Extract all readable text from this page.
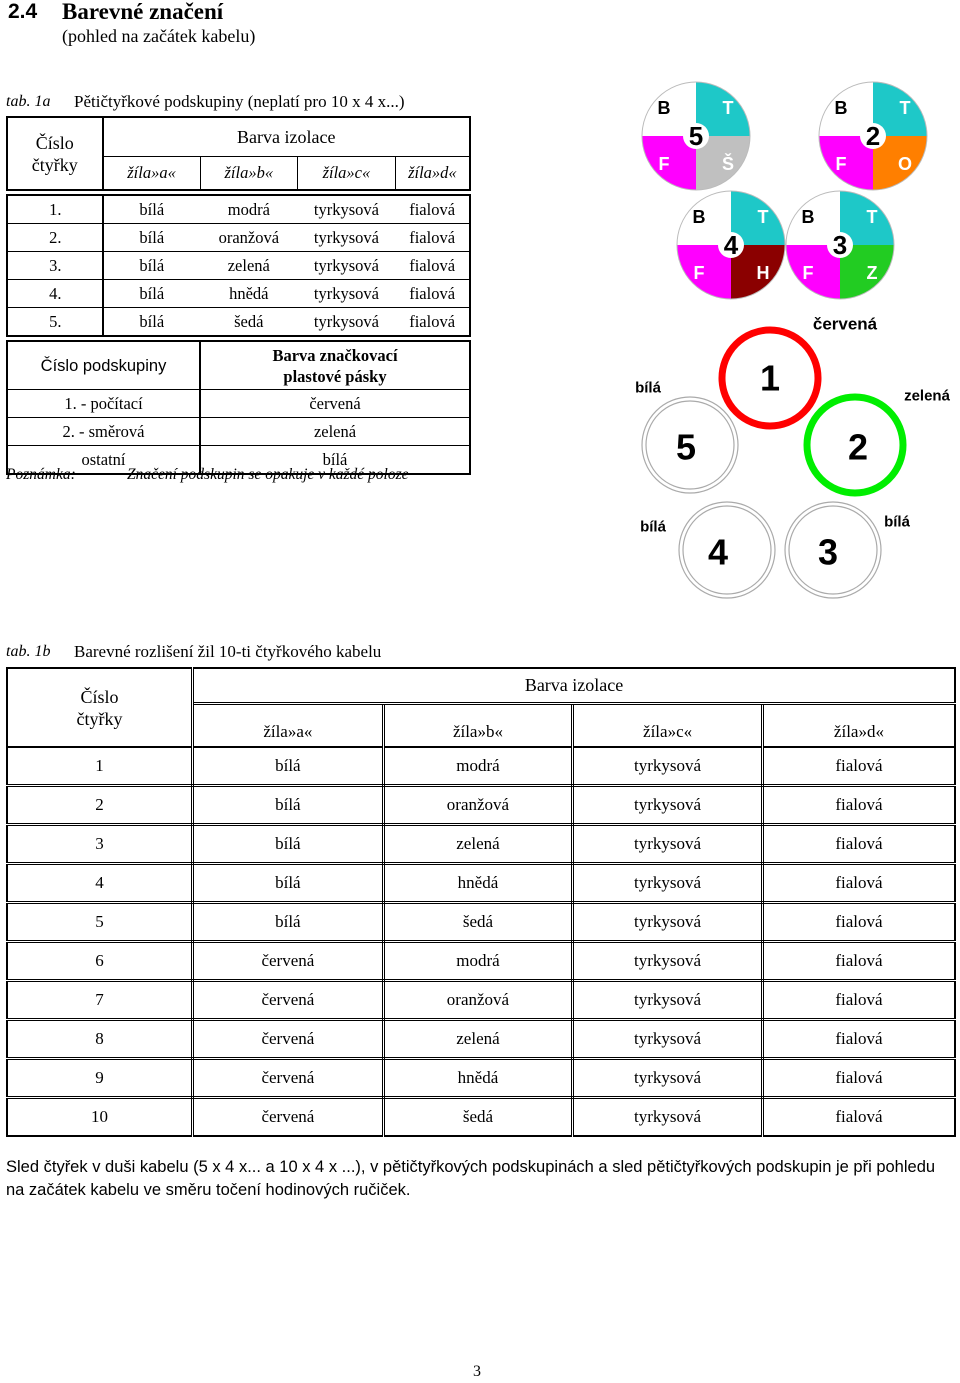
2.4 Barevné značení
(pohled na začátek kabelu)
tab. 1a Pětičtyřkové podskupiny (neplatí pro 10 x 4 x...)
Číslo
čtyřky	Barva izolace			
	žíla»a«	žíla»b«	žíla»c«	žíla»d«

1.	bílá	modrá	tyrkysová	fialová
2.	bílá	oranžová	tyrkysová	fialová
3.	bílá	zelená	tyrkysová	fialová
4.	bílá	hnědá	tyrkysová	fialová
5.	bílá	šedá	tyrkysová	fialová

Číslo podskupiny		Barva značkovací
plastové pásky		
1. - počítací		červená		
2. - směrová		zelená		
ostatní		bílá		
Poznámka:	Značení podskupin se opakuje v každé poloze
2
B	T
F	O
3
B	T
F	Z
4
B	T
F	H
5
B	T
F	Š
1
2
3
4
5
červená
zelená
bílá
bílá	bílá
tab. 1b Barevné rozlišení žil 10-ti čtyřkového kabelu
Číslo
čtyřky	Barva izolace			
	žíla»a«	žíla»b«	žíla»c«	žíla»d«
1	bílá	modrá	tyrkysová	fialová
2	bílá	oranžová	tyrkysová	fialová
3	bílá	zelená	tyrkysová	fialová
4	bílá	hnědá	tyrkysová	fialová
5	bílá	šedá	tyrkysová	fialová
6	červená	modrá	tyrkysová	fialová
7	červená	oranžová	tyrkysová	fialová
8	červená	zelená	tyrkysová	fialová
9	červená	hnědá	tyrkysová	fialová
10	červená	šedá	tyrkysová	fialová
Sled čtyřek v duši kabelu (5 x 4 x... a 10 x 4 x ...), v pětičtyřkových podskupinách a sled pětičtyřkových podskupin je při pohledu na začátek kabelu ve směru točení hodinových ručiček.
3
